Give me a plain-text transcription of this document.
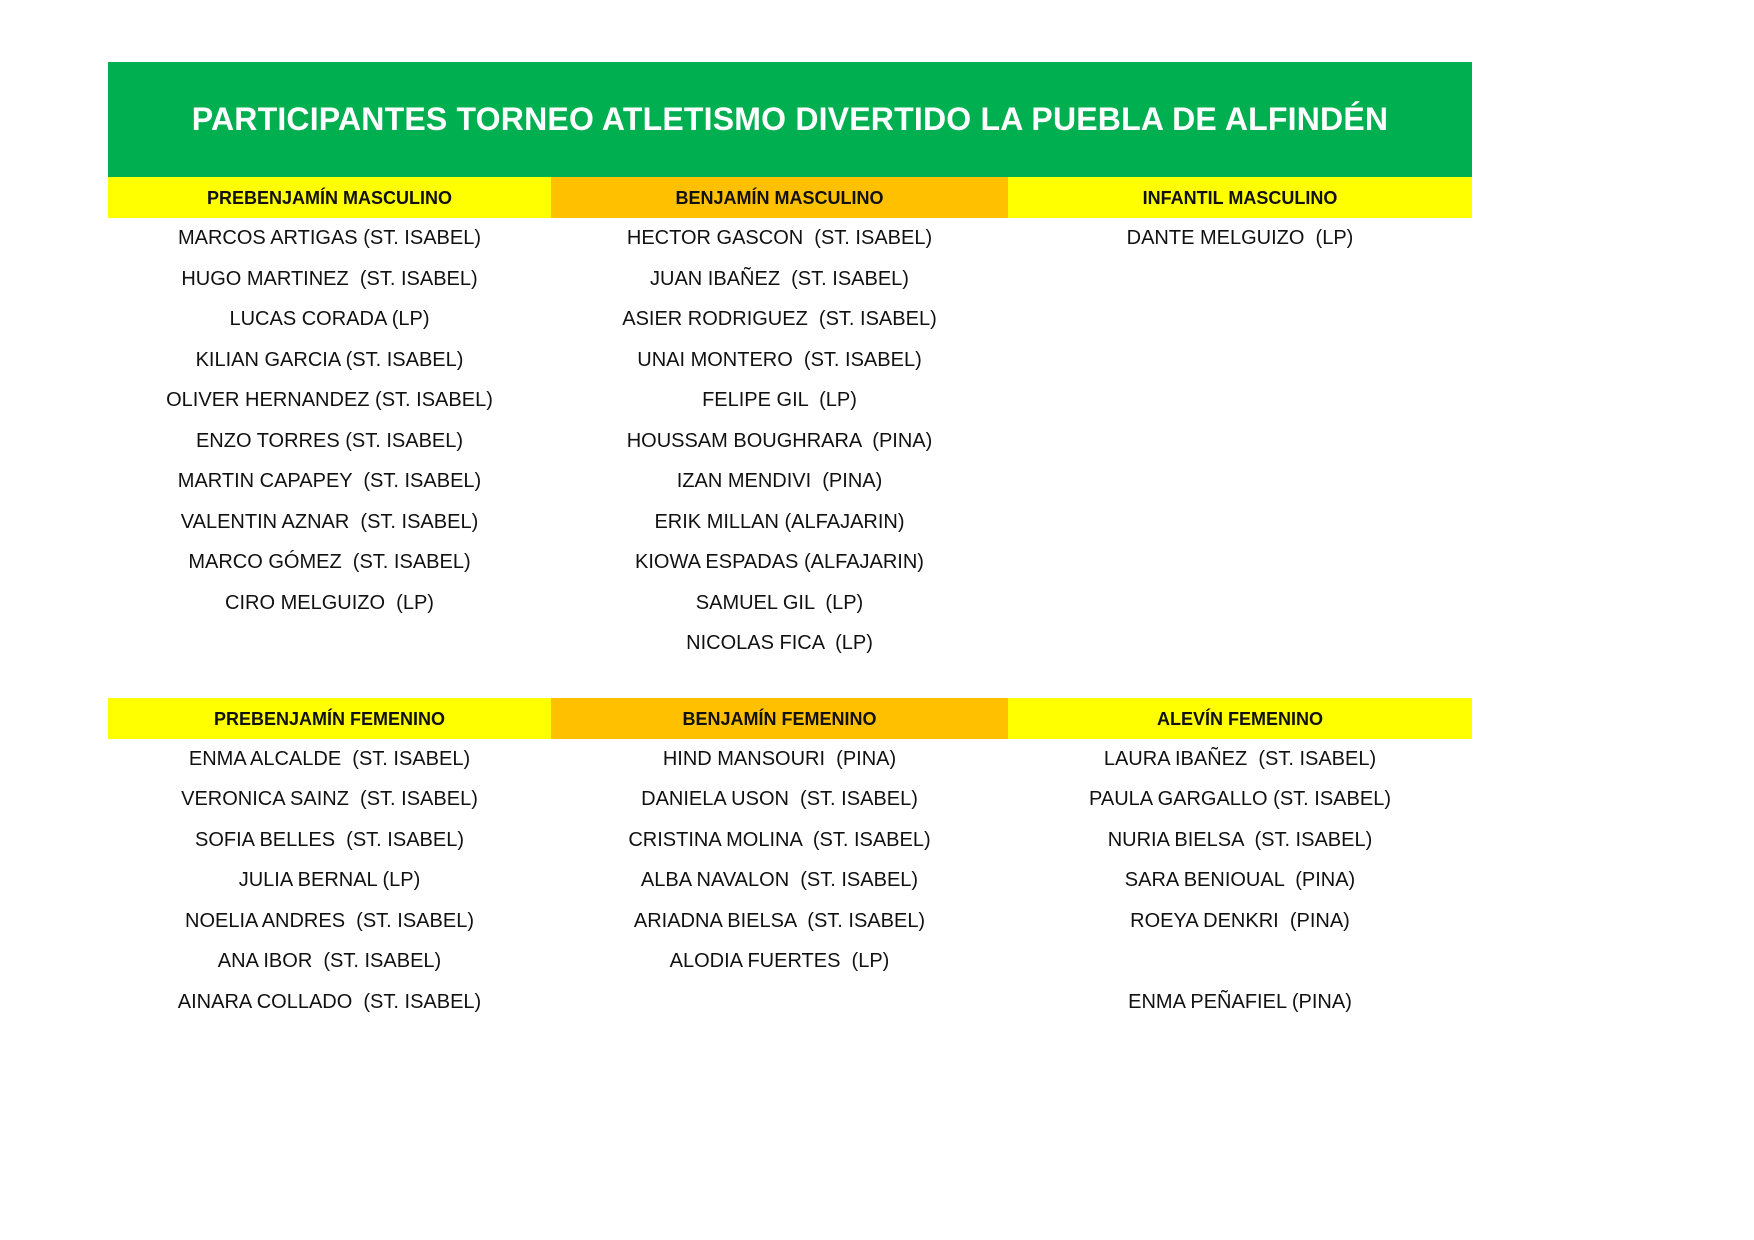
PARTICIPANTES TORNEO ATLETISMO DIVERTIDO LA PUEBLA DE ALFINDÉN
PREBENJAMÍN MASCULINO
MARCOS ARTIGAS (ST. ISABEL)
HUGO MARTINEZ  (ST. ISABEL)
LUCAS CORADA (LP)
KILIAN GARCIA (ST. ISABEL)
OLIVER HERNANDEZ (ST. ISABEL)
ENZO TORRES (ST. ISABEL)
MARTIN CAPAPEY  (ST. ISABEL)
VALENTIN AZNAR  (ST. ISABEL)
MARCO GÓMEZ  (ST. ISABEL)
CIRO MELGUIZO  (LP)
BENJAMÍN MASCULINO
HECTOR GASCON  (ST. ISABEL)
JUAN IBAÑEZ  (ST. ISABEL)
ASIER RODRIGUEZ  (ST. ISABEL)
UNAI MONTERO  (ST. ISABEL)
FELIPE GIL  (LP)
HOUSSAM BOUGHRARA  (PINA)
IZAN MENDIVI  (PINA)
ERIK MILLAN (ALFAJARIN)
KIOWA ESPADAS (ALFAJARIN)
SAMUEL GIL  (LP)
NICOLAS FICA  (LP)
INFANTIL MASCULINO
DANTE MELGUIZO  (LP)
PREBENJAMÍN FEMENINO
ENMA ALCALDE  (ST. ISABEL)
VERONICA SAINZ  (ST. ISABEL)
SOFIA BELLES  (ST. ISABEL)
JULIA BERNAL (LP)
NOELIA ANDRES  (ST. ISABEL)
ANA IBOR  (ST. ISABEL)
AINARA COLLADO  (ST. ISABEL)
BENJAMÍN FEMENINO
HIND MANSOURI  (PINA)
DANIELA USON  (ST. ISABEL)
CRISTINA MOLINA  (ST. ISABEL)
ALBA NAVALON  (ST. ISABEL)
ARIADNA BIELSA  (ST. ISABEL)
ALODIA FUERTES  (LP)
ALEVÍN FEMENINO
LAURA IBAÑEZ  (ST. ISABEL)
PAULA GARGALLO (ST. ISABEL)
NURIA BIELSA  (ST. ISABEL)
SARA BENIOUAL  (PINA)
ROEYA DENKRI  (PINA)
ENMA PEÑAFIEL (PINA)
